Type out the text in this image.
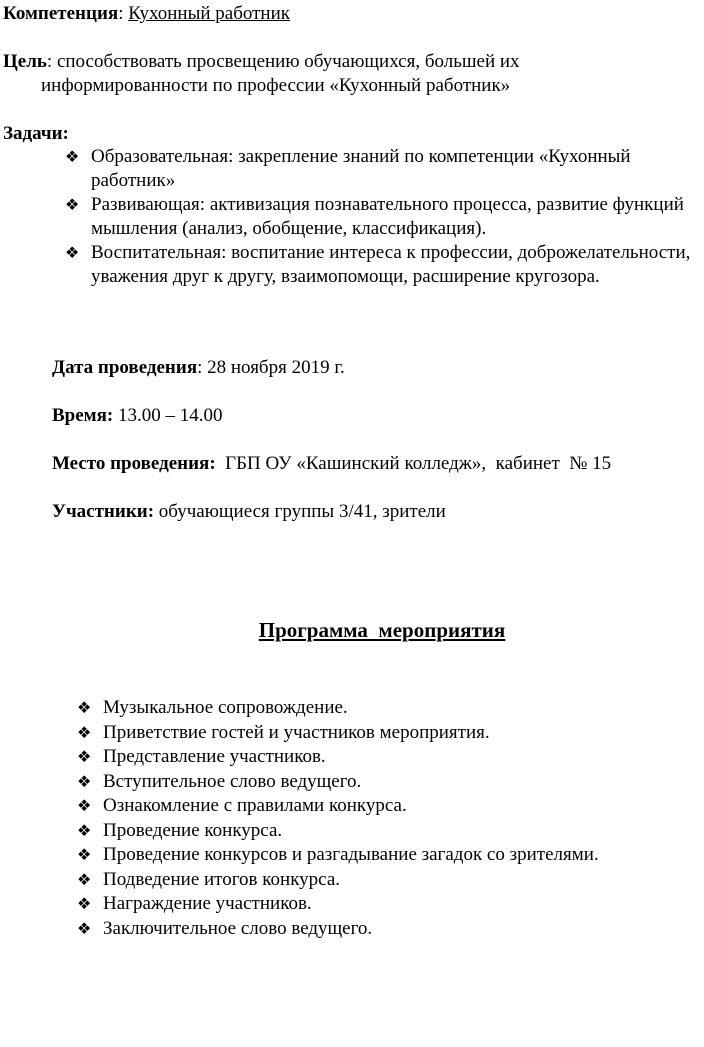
Компетенция: Кухонный работник
Цель: способствовать просвещению обучающихся, большей их
информированности по профессии «Кухонный работник»
Задачи:
❖ Образовательная: закрепление знаний по компетенции «Кухонный работник»
❖ Развивающая: активизация познавательного процесса, развитие функций мышления (анализ, обобщение, классификация).
❖ Воспитательная: воспитание интереса к профессии, доброжелательности, уважения друг к другу, взаимопомощи, расширение кругозора.
Дата проведения: 28 ноября 2019 г.
Время: 13.00 – 14.00
Место проведения:  ГБП ОУ «Кашинский колледж»,  кабинет  № 15
Участники: обучающиеся группы 3/41, зрители
Программа  мероприятия
❖ Музыкальное сопровождение.
❖ Приветствие гостей и участников мероприятия.
❖ Представление участников.
❖ Вступительное слово ведущего.
❖ Ознакомление с правилами конкурса.
❖ Проведение конкурса.
❖ Проведение конкурсов и разгадывание загадок со зрителями.
❖ Подведение итогов конкурса.
❖ Награждение участников.
❖ Заключительное слово ведущего.
